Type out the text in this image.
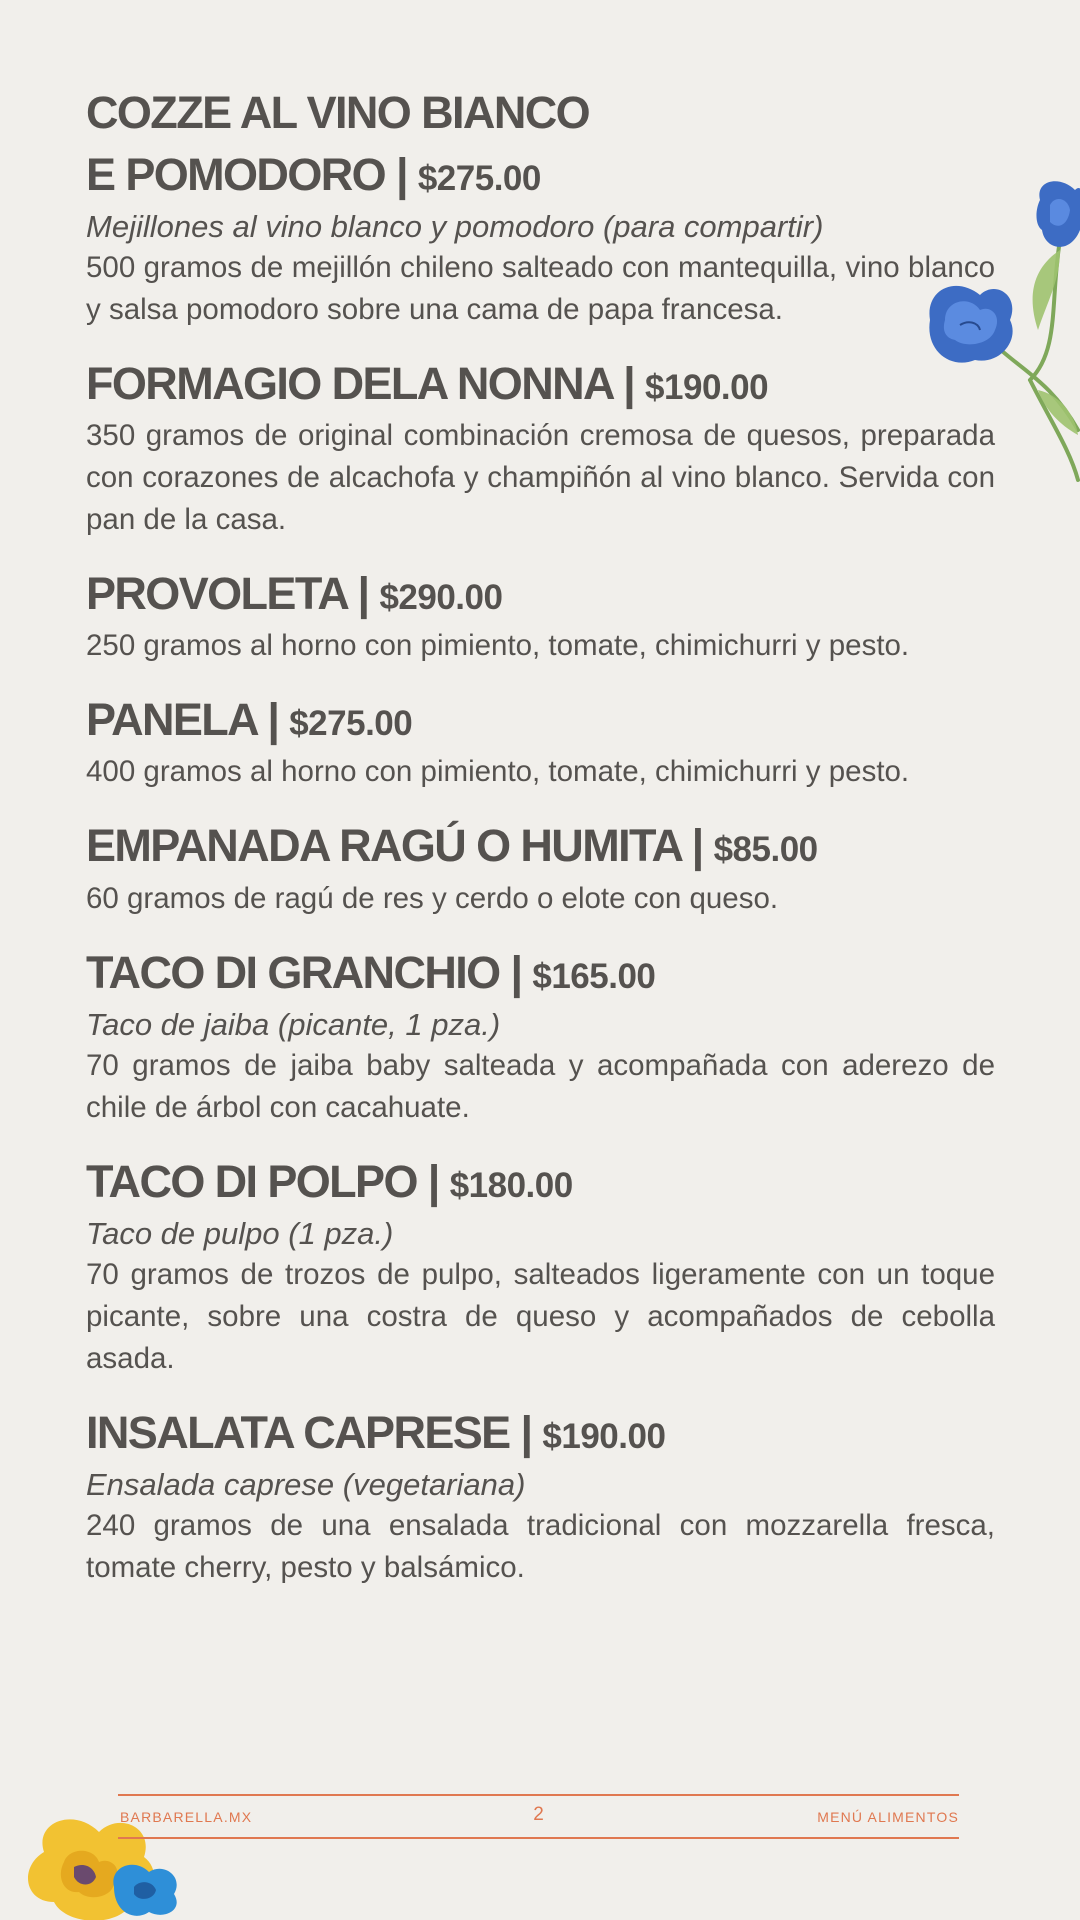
COZZE AL VINO BIANCO
E POMODORO | $275.00

Mejillones al vino blanco y pomodoro (para compartir)

500 gramos de mejillón chileno salteado con mantequilla, vino blanco y salsa pomodoro sobre una cama de papa francesa.

FORMAGIO DELA NONNA | $190.00

350 gramos de original combinación cremosa de quesos, preparada con corazones de alcachofa y champiñón al vino blanco. Servida con pan de la casa.

PROVOLETA | $290.00

250 gramos al horno con pimiento, tomate, chimichurri y pesto.

PANELA | $275.00

400 gramos al horno con pimiento, tomate, chimichurri y pesto.

EMPANADA RAGÚ O HUMITA | $85.00

60 gramos de ragú de res y cerdo o elote con queso.

TACO DI GRANCHIO | $165.00

Taco de jaiba (picante, 1 pza.)

70 gramos de jaiba baby salteada y acompañada con aderezo de chile de árbol con cacahuate.

TACO DI POLPO | $180.00

Taco de pulpo (1 pza.)

70 gramos de trozos de pulpo, salteados ligeramente con un toque picante, sobre una costra de queso y acompañados de cebolla asada.

INSALATA CAPRESE | $190.00

Ensalada caprese (vegetariana)

240 gramos de una ensalada tradicional con mozzarella fresca, tomate cherry, pesto y balsámico.

BARBARELLA.MX	2	MENÚ ALIMENTOS
